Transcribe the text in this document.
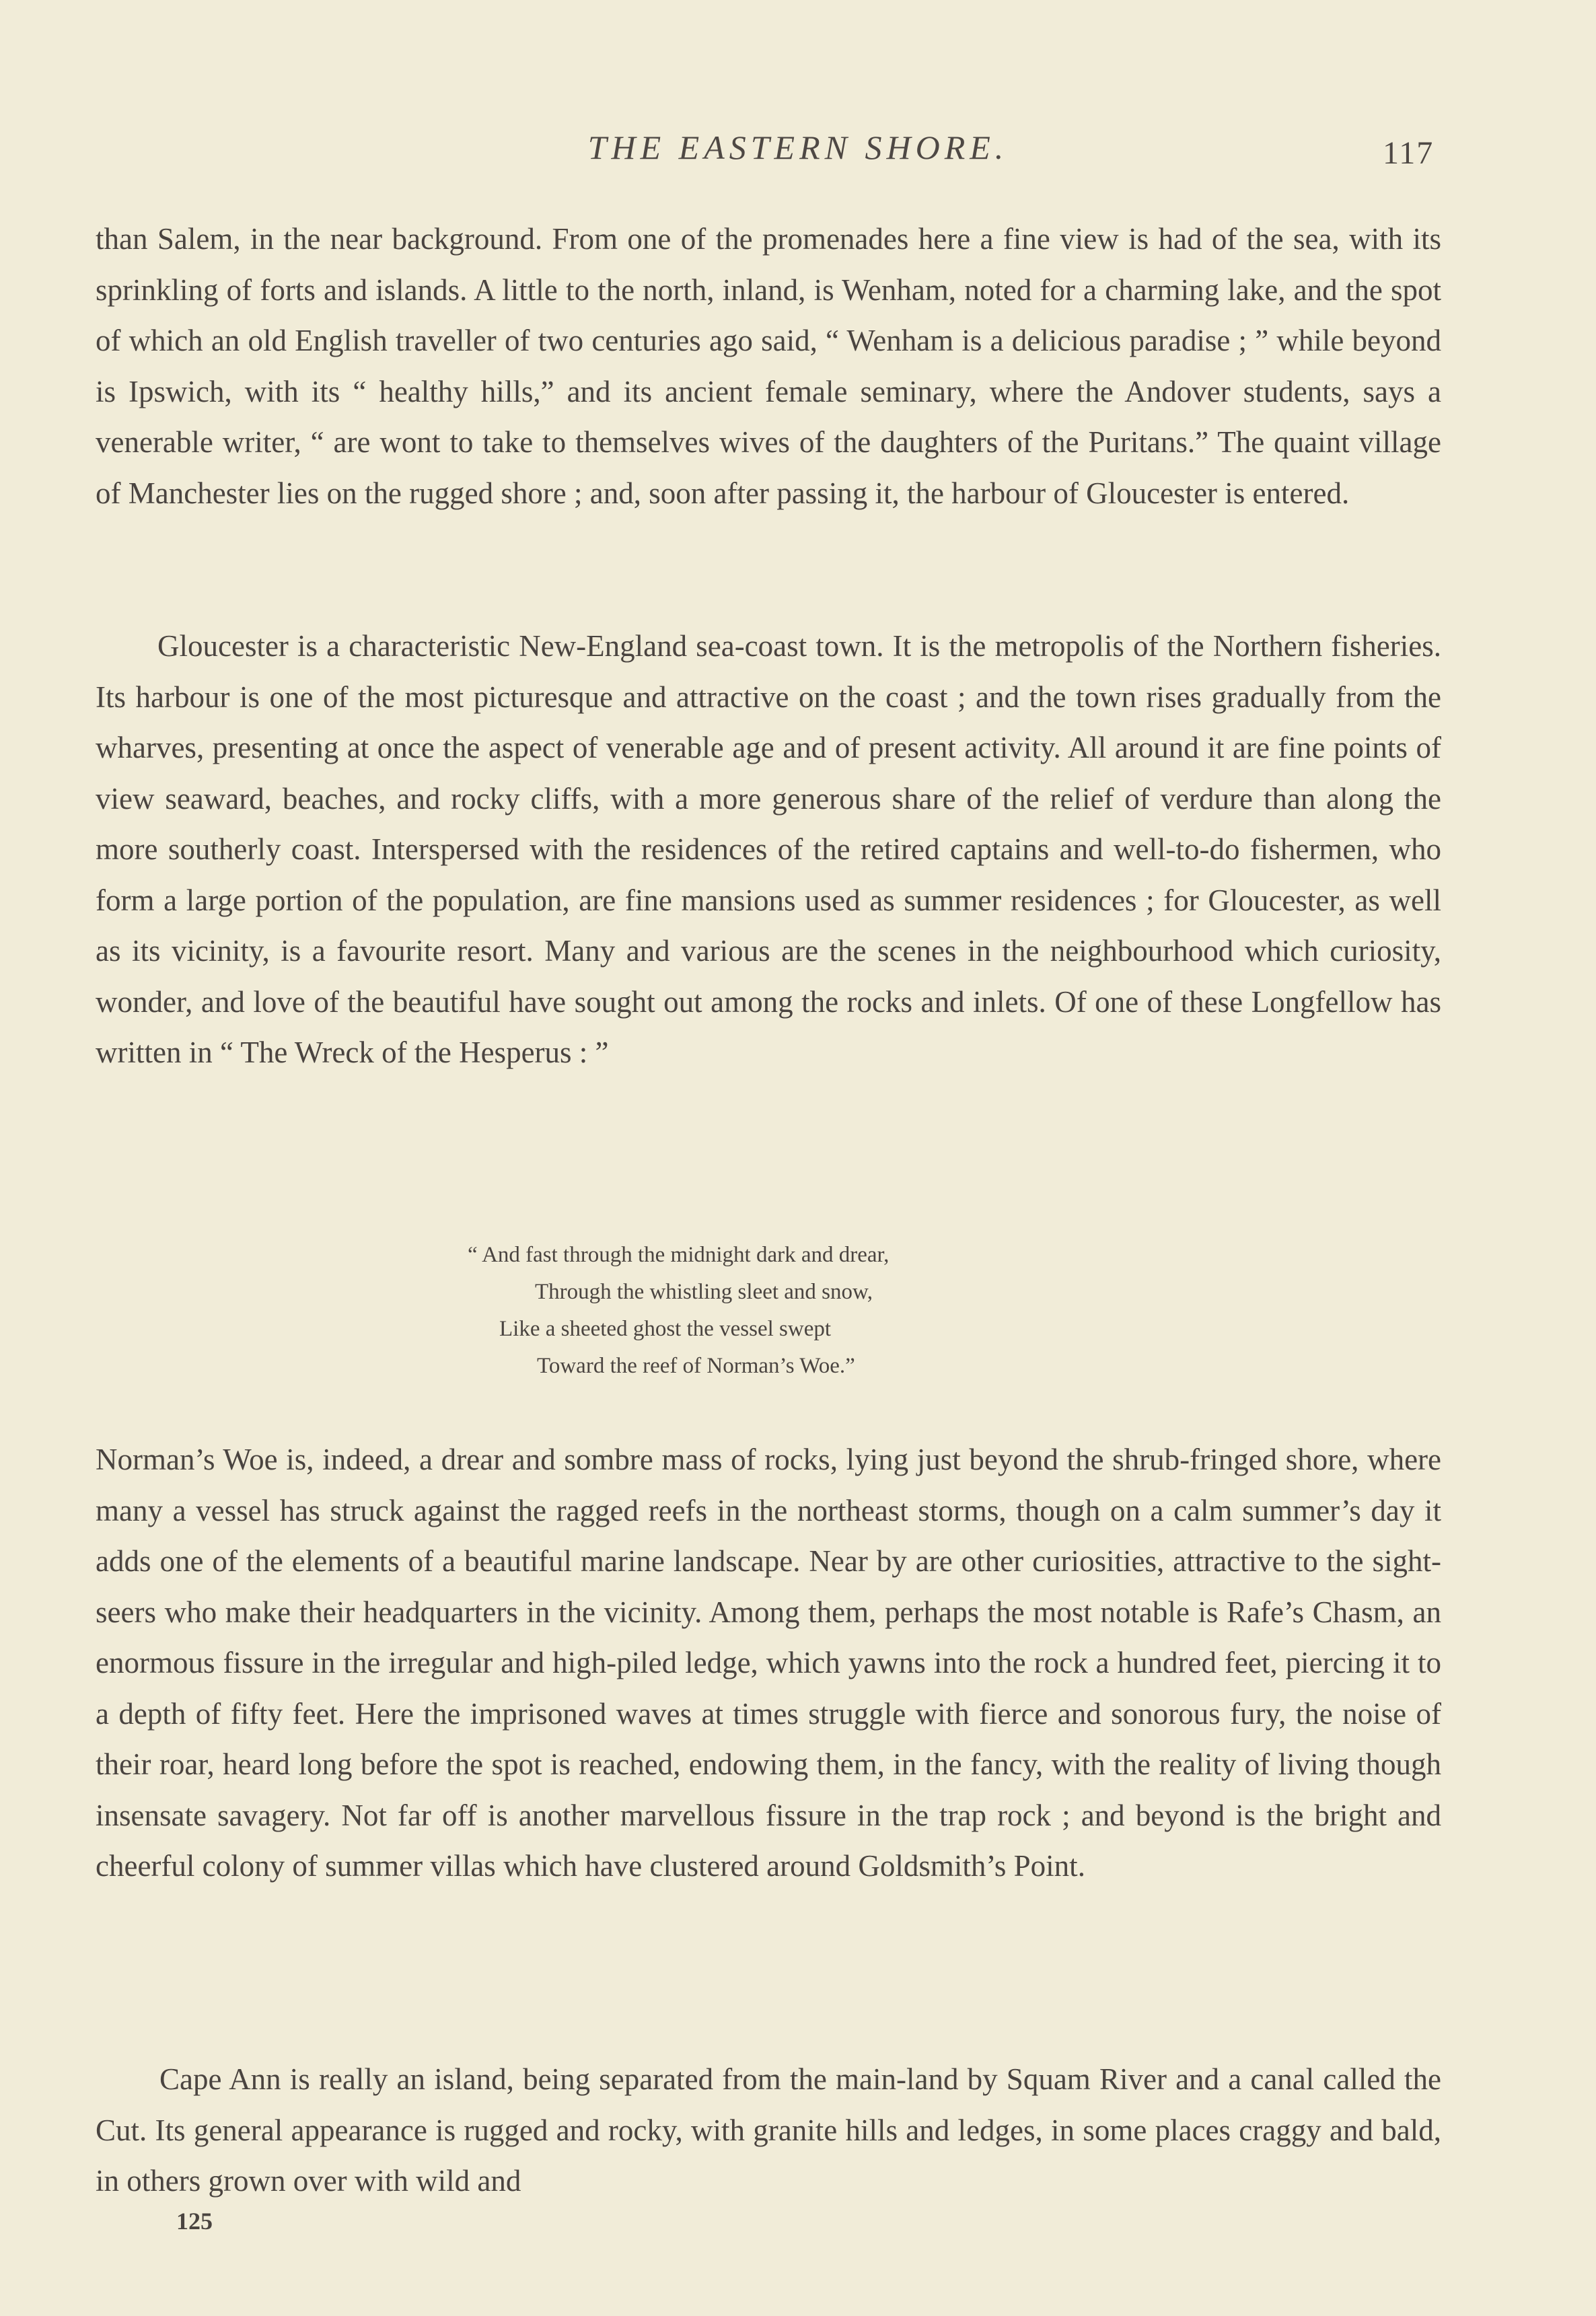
THE EASTERN SHORE.	117

than Salem, in the near background. From one of the promenades here a fine view is had of the sea, with its sprinkling of forts and islands. A little to the north, inland, is Wenham, noted for a charming lake, and the spot of which an old English traveller of two centuries ago said, “ Wenham is a delicious paradise ; ” while beyond is Ipswich, with its “ healthy hills,” and its ancient female seminary, where the Andover students, says a venerable writer, “ are wont to take to themselves wives of the daughters of the Puritans.” The quaint village of Manchester lies on the rugged shore ; and, soon after passing it, the harbour of Gloucester is entered.

Gloucester is a characteristic New-England sea-coast town. It is the metropolis of the Northern fisheries. Its harbour is one of the most picturesque and attractive on the coast ; and the town rises gradually from the wharves, presenting at once the aspect of venerable age and of present activity. All around it are fine points of view seaward, beaches, and rocky cliffs, with a more generous share of the relief of verdure than along the more southerly coast. Interspersed with the residences of the retired captains and well-to-do fishermen, who form a large portion of the population, are fine mansions used as summer residences ; for Gloucester, as well as its vicinity, is a favourite resort. Many and various are the scenes in the neighbourhood which curiosity, wonder, and love of the beautiful have sought out among the rocks and inlets. Of one of these Longfellow has written in “ The Wreck of the Hesperus : ”

“ And fast through the midnight dark and drear,
Through the whistling sleet and snow,
Like a sheeted ghost the vessel swept
Toward the reef of Norman’s Woe.”

Norman’s Woe is, indeed, a drear and sombre mass of rocks, lying just beyond the shrub-fringed shore, where many a vessel has struck against the ragged reefs in the northeast storms, though on a calm summer’s day it adds one of the elements of a beautiful marine landscape. Near by are other curiosities, attractive to the sight-seers who make their headquarters in the vicinity. Among them, perhaps the most notable is Rafe’s Chasm, an enormous fissure in the irregular and high-piled ledge, which yawns into the rock a hundred feet, piercing it to a depth of fifty feet. Here the imprisoned waves at times struggle with fierce and sonorous fury, the noise of their roar, heard long before the spot is reached, endowing them, in the fancy, with the reality of living though insensate savagery. Not far off is another marvellous fissure in the trap rock ; and beyond is the bright and cheerful colony of summer villas which have clustered around Goldsmith’s Point.

Cape Ann is really an island, being separated from the main-land by Squam River and a canal called the Cut. Its general appearance is rugged and rocky, with granite hills and ledges, in some places craggy and bald, in others grown over with wild and

125
